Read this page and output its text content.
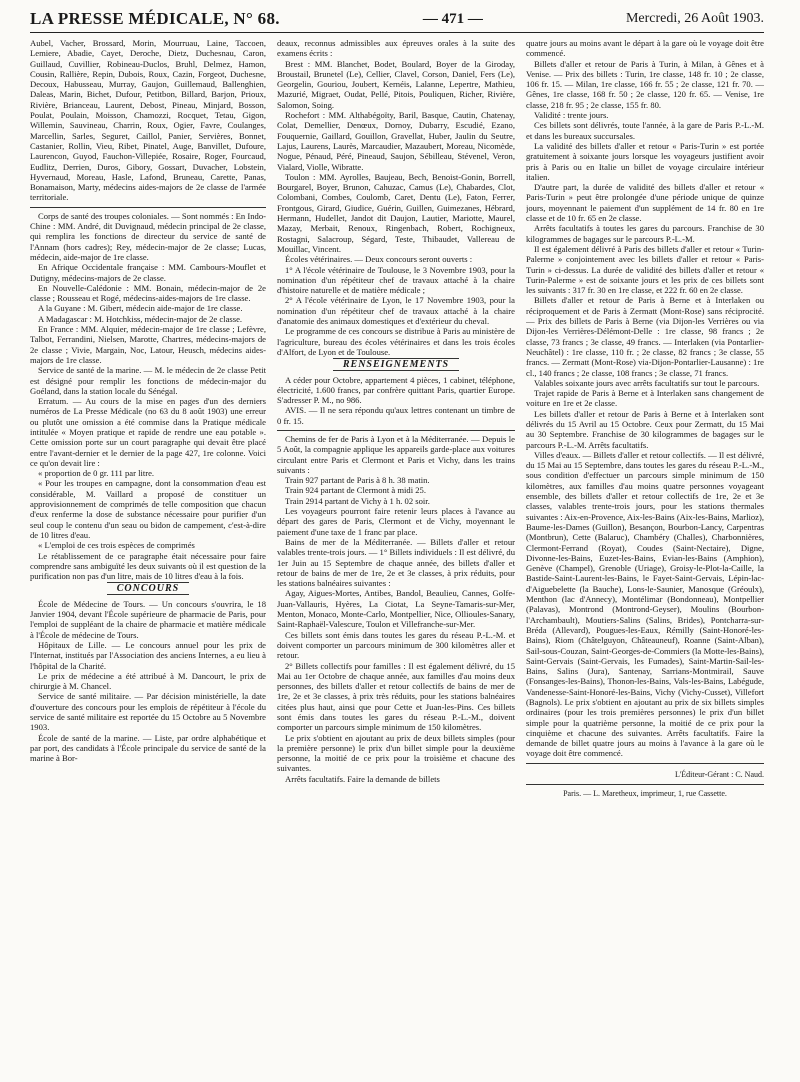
LA PRESSE MÉDICALE, N° 68.	— 471 —	Mercredi, 26 Août 1903.

Aubel, Vacher, Brossard, Morin, Mourruau, Laine, Taccoen, Lemiere, Abadie, Cayet, Deroche, Dietz, Duchesnau, Caron, Guillaud, Cuvillier, Robineau-Duclos, Bruhl, Delmez, Hamon, Cousin, Rallière, Repin, Dubois, Roux, Cazin, Forgeot, Duchesne, Decoux, Habusseau, Murray, Gaujon, Guillemaud, Ballenghien, Daleas, Marin, Bichet, Dufour, Petitbon, Billard, Barjon, Prioux, Rivière, Brianceau, Laurent, Debost, Pineau, Minjard, Bosson, Poulat, Poulain, Moisson, Chamozzi, Rocquet, Tetau, Gigon, Willemin, Sauvineau, Charrin, Roux, Ogier, Favre, Coulanges, Marcellin, Sarles, Seguret, Caillol, Panier, Servières, Bonnet, Castanier, Rollin, Vieu, Ribet, Pinatel, Auge, Banvillet, Dufoure, Laurencon, Guyod, Fauchon-Villepiée, Rosaire, Roger, Fourcaud, Eudlitz, Derrien, Duros, Gibory, Gossart, Duvacher, Lobstein, Hyvernaud, Moreau, Hasle, Lafond, Bruneau, Carette, Panas, Bonamaison, Marty, médecins aides-majors de 2e classe de l'armée territoriale.

Corps de santé des troupes coloniales. — Sont nommés : En Indo-Chine : MM. André, dit Duvignaud, médecin principal de 2e classe, qui remplira les fonctions de directeur du service de santé de l'Annam (hors cadres); Rey, médecin-major de 2e classe; Lucas, médecin, aide-major de 1re classe.

En Afrique Occidentale française : MM. Cambours-Mouflet et Dutigny, médecins-majors de 2e classe.

En Nouvelle-Calédonie : MM. Bonain, médecin-major de 2e classe ; Rousseau et Rogé, médecins-aides-majors de 1re classe.

A la Guyane : M. Gibert, médecin aide-major de 1re classe.

A Madagascar : M. Hotchkiss, médecin-major de 2e classe.

En France : MM. Alquier, médecin-major de 1re classe ; Lefèvre, Talbot, Ferrandini, Nielsen, Marotte, Chartres, médecins-majors de 2e classe ; Vivie, Margain, Noc, Latour, Heusch, médecins aides-majors de 1re classe.

Service de santé de la marine. — M. le médecin de 2e classe Petit est désigné pour remplir les fonctions de médecin-major du Goéland, dans la station locale du Sénégal.

Erratum. — Au cours de la mise en pages d'un des derniers numéros de La Presse Médicale (no 63 du 8 août 1903) une erreur ou plutôt une omission a été commise dans la Pratique médicale intitulée « Moyen pratique et rapide de rendre une eau potable ». Cette omission porte sur un court paragraphe qui devait être placé entre l'avant-dernier et le dernier de la page 427, 1re colonne. Voici ce qu'on devait lire :

« proportion de 0 gr. 111 par litre.

« Pour les troupes en campagne, dont la consommation d'eau est considérable, M. Vaillard a proposé de constituer un approvisionnement de comprimés de telle composition que chacun d'eux renferme la dose de substance nécessaire pour purifier d'un seul coup le contenu d'un seau ou bidon de campement, c'est-à-dire de 10 litres d'eau.

« L'emploi de ces trois espèces de comprimés

Le rétablissement de ce paragraphe était nécessaire pour faire comprendre sans ambiguïté les deux suivants où il est question de la purification non pas d'un litre, mais de 10 litres d'eau à la fois.

CONCOURS

École de Médecine de Tours. — Un concours s'ouvrira, le 18 Janvier 1904, devant l'École supérieure de pharmacie de Paris, pour l'emploi de suppléant de la chaire de pharmacie et matière médicale à l'École de médecine de Tours.

Hôpitaux de Lille. — Le concours annuel pour les prix de l'Internat, institués par l'Association des anciens Internes, a eu lieu à l'hôpital de la Charité.

Le prix de médecine a été attribué à M. Dancourt, le prix de chirurgie à M. Chancel.

Service de santé militaire. — Par décision ministérielle, la date d'ouverture des concours pour les emplois de répétiteur à l'école du service de santé militaire est reportée du 15 Octobre au 5 Novembre 1903.

École de santé de la marine. — Liste, par ordre alphabétique et par port, des candidats à l'École principale du service de santé de la marine à Bor-

deaux, reconnus admissibles aux épreuves orales à la suite des examens écrits :

Brest : MM. Blanchet, Bodet, Boulard, Boyer de la Giroday, Broustail, Brunetel (Le), Cellier, Clavel, Corson, Daniel, Fers (Le), Georgelin, Gouriou, Joubert, Kernéis, Lalanne, Lepertre, Mathieu, Mazurié, Migraet, Oudat, Pellé, Pitois, Pouliquen, Richer, Rivière, Salomon, Soing.

Rochefort : MM. Althabégoïty, Baril, Basque, Cautin, Chatenay, Colat, Demellier, Denœux, Dornoy, Dubarry, Escudié, Ezano, Fouquernie, Gaillard, Gouillon, Gravellat, Huber, Jaulin du Seutre, Lajus, Laurens, Laurès, Marcaudier, Mazaubert, Moreau, Nicomède, Nogue, Pénaud, Péré, Pineaud, Saujon, Sébilleau, Stévenel, Veron, Vialard, Violle, Wibratte.

Toulon : MM. Ayrolles, Baujeau, Bech, Benoist-Gonin, Borrell, Bourgarel, Boyer, Brunon, Cahuzac, Camus (Le), Chabardes, Clot, Colombani, Combes, Coulomb, Caret, Dentu (Le), Faton, Ferrer, Frontgous, Girard, Giudice, Guérin, Guillen, Guimezanes, Hébrard, Hermann, Hudellet, Jandot dit Daujon, Lautier, Mariotte, Maurel, Mazay, Merbait, Renoux, Ringenbach, Robert, Rochigneux, Rostagni, Salacroup, Ségard, Teste, Thibaudet, Vallereau de Mouillac, Vincent.

Écoles vétérinaires. — Deux concours seront ouverts :

1° A l'école vétérinaire de Toulouse, le 3 Novembre 1903, pour la nomination d'un répétiteur chef de travaux attaché à la chaire d'histoire naturelle et de matière médicale ;

2° A l'école vétérinaire de Lyon, le 17 Novembre 1903, pour la nomination d'un répétiteur chef de travaux attaché à la chaire d'anatomie des animaux domestiques et d'extérieur du cheval.

Le programme de ces concours se distribue à Paris au ministère de l'agriculture, bureau des écoles vétérinaires et dans les trois écoles d'Alfort, de Lyon et de Toulouse.

RENSEIGNEMENTS

A céder pour Octobre, appartement 4 pièces, 1 cabinet, téléphone, électricité, 1.600 francs, par confrère quittant Paris, quartier Europe. S'adresser P. M., no 986.

AVIS. — Il ne sera répondu qu'aux lettres contenant un timbre de 0 fr. 15.

Chemins de fer de Paris à Lyon et à la Méditerranée. — Depuis le 5 Août, la compagnie applique les appareils garde-place aux voitures circulant entre Paris et Clermont et Paris et Vichy, dans les trains suivants :

Train 927 partant de Paris à 8 h. 38 matin.

Train 924 partant de Clermont à midi 25.

Train 2914 partant de Vichy à 1 h. 02 soir.

Les voyageurs pourront faire retenir leurs places à l'avance au départ des gares de Paris, Clermont et de Vichy, moyennant le paiement d'une taxe de 1 franc par place.

Bains de mer de la Méditerranée. — Billets d'aller et retour valables trente-trois jours. — 1° Billets individuels : Il est délivré, du 1er Juin au 15 Septembre de chaque année, des billets d'aller et retour de bains de mer de 1re, 2e et 3e classes, à prix réduits, pour les stations balnéaires suivantes :

Agay, Aigues-Mortes, Antibes, Bandol, Beaulieu, Cannes, Golfe-Juan-Vallauris, Hyères, La Ciotat, La Seyne-Tamaris-sur-Mer, Menton, Monaco, Monte-Carlo, Montpellier, Nice, Ollioules-Sanary, Saint-Raphaël-Valescure, Toulon et Villefranche-sur-Mer.

Ces billets sont émis dans toutes les gares du réseau P.-L.-M. et doivent comporter un parcours minimum de 300 kilomètres aller et retour.

2° Billets collectifs pour familles : Il est également délivré, du 15 Mai au 1er Octobre de chaque année, aux familles d'au moins deux personnes, des billets d'aller et retour collectifs de bains de mer de 1re, 2e et 3e classes, à prix très réduits, pour les stations balnéaires citées plus haut, ainsi que pour Cette et Juan-les-Pins. Ces billets sont émis dans toutes les gares du réseau P.-L.-M., doivent comporter un parcours simple minimum de 150 kilomètres.

Le prix s'obtient en ajoutant au prix de deux billets simples (pour la première personne) le prix d'un billet simple pour la deuxième personne, la moitié de ce prix pour la troisième et chacune des suivantes.

Arrêts facultatifs. Faire la demande de billets

quatre jours au moins avant le départ à la gare où le voyage doit être commencé.

Billets d'aller et retour de Paris à Turin, à Milan, à Gênes et à Venise. — Prix des billets : Turin, 1re classe, 148 fr. 10 ; 2e classe, 106 fr. 15. — Milan, 1re classe, 166 fr. 55 ; 2e classe, 121 fr. 70. — Gênes, 1re classe, 168 fr. 50 ; 2e classe, 120 fr. 65. — Venise, 1re classe, 218 fr. 95 ; 2e classe, 155 fr. 80.

Validité : trente jours.

Ces billets sont délivrés, toute l'année, à la gare de Paris P.-L.-M. et dans les bureaux succursales.

La validité des billets d'aller et retour « Paris-Turin » est portée gratuitement à soixante jours lorsque les voyageurs justifient avoir pris à Paris ou en Italie un billet de voyage circulaire intérieur italien.

D'autre part, la durée de validité des billets d'aller et retour « Paris-Turin » peut être prolongée d'une période unique de quinze jours, moyennant le paiement d'un supplément de 14 fr. 80 en 1re classe et de 10 fr. 65 en 2e classe.

Arrêts facultatifs à toutes les gares du parcours. Franchise de 30 kilogrammes de bagages sur le parcours P.-L.-M.

Il est également délivré à Paris des billets d'aller et retour « Turin-Palerme » conjointement avec les billets d'aller et retour « Paris-Turin » ci-dessus. La durée de validité des billets d'aller et retour « Turin-Palerme » est de soixante jours et les prix de ces billets sont les suivants : 317 fr. 30 en 1re classe, et 222 fr. 60 en 2e classe.

Billets d'aller et retour de Paris à Berne et à Interlaken ou réciproquement et de Paris à Zermatt (Mont-Rose) sans réciprocité. — Prix des billets de Paris à Berne (via Dijon-les Verrières ou via Dijon-les Verrières-Délémont-Delle : 1re classe, 98 francs ; 2e classe, 73 francs ; 3e classe, 49 francs. — Interlaken (via Pontarlier-Neuchâtel) : 1re classe, 110 fr. ; 2e classe, 82 francs ; 3e classe, 55 francs. — Zermatt (Mont-Rose) via-Dijon-Pontarlier-Lausanne) : 1re cl., 140 francs ; 2e classe, 108 francs ; 3e classe, 71 francs.

Valables soixante jours avec arrêts facultatifs sur tout le parcours.

Trajet rapide de Paris à Berne et à Interlaken sans changement de voiture en 1re et 2e classe.

Les billets d'aller et retour de Paris à Berne et à Interlaken sont délivrés du 15 Avril au 15 Octobre. Ceux pour Zermatt, du 15 Mai au 30 Septembre. Franchise de 30 kilogrammes de bagages sur le parcours P.-L.-M. Arrêts facultatifs.

Villes d'eaux. — Billets d'aller et retour collectifs. — Il est délivré, du 15 Mai au 15 Septembre, dans toutes les gares du réseau P.-L.-M., sous condition d'effectuer un parcours simple minimum de 150 kilomètres, aux familles d'au moins quatre personnes voyageant ensemble, des billets d'aller et retour collectifs de 1re, 2e et 3e classes, valables trente-trois jours, pour les stations thermales suivantes : Aix-en-Provence, Aix-les-Bains (Aix-les-Bains, Marlioz), Baume-les-Dames (Guillon), Besançon, Bourbon-Lancy, Carpentras (Montbrun), Cette (Balaruc), Chambéry (Challes), Charbonnières, Clermont-Ferrand (Royat), Coudes (Saint-Nectaire), Digne, Divonne-les-Bains, Euzet-les-Bains, Evian-les-Bains (Amphion), Genève (Champel), Grenoble (Uriage), Groisy-le-Plot-la-Caille, la Bastide-Saint-Laurent-les-Bains, le Fayet-Saint-Gervais, Lépin-lac-d'Aiguebelette (la Bauche), Lons-le-Saunier, Manosque (Gréoulx), Menthon (lac d'Annecy), Montélimar (Bondonneau), Montpellier (Palavas), Montrond (Montrond-Geyser), Moulins (Bourbon-l'Archambault), Moutiers-Salins (Salins, Brides), Pontcharra-sur-Bréda (Allevard), Pougues-les-Eaux, Rémilly (Saint-Honoré-les-Bains), Riom (Châtelguyon, Châteauneuf), Roanne (Saint-Alban), Sail-sous-Couzan, Saint-Georges-de-Commiers (la Motte-les-Bains), Saint-Gervais (Saint-Gervais, les Fumades), Saint-Martin-Sail-les-Bains, Salins (Jura), Santenay, Sarrians-Montmirail, Sauve (Fonsanges-les-Bains), Thonon-les-Bains, Vals-les-Bains, Labégude, Vandenesse-Saint-Honoré-les-Bains, Vichy (Vichy-Cusset), Villefort (Bagnols). Le prix s'obtient en ajoutant au prix de six billets simples ordinaires (pour les trois premières personnes) le prix d'un billet simple pour la quatrième personne, la moitié de ce prix pour la cinquième et chacune des suivantes. Arrêts facultatifs. Faire la demande de billet quatre jours au moins à l'avance à la gare où le voyage doit être commencé.

L'Éditeur-Gérant : C. Naud.
Paris. — L. Maretheux, imprimeur, 1, rue Cassette.
